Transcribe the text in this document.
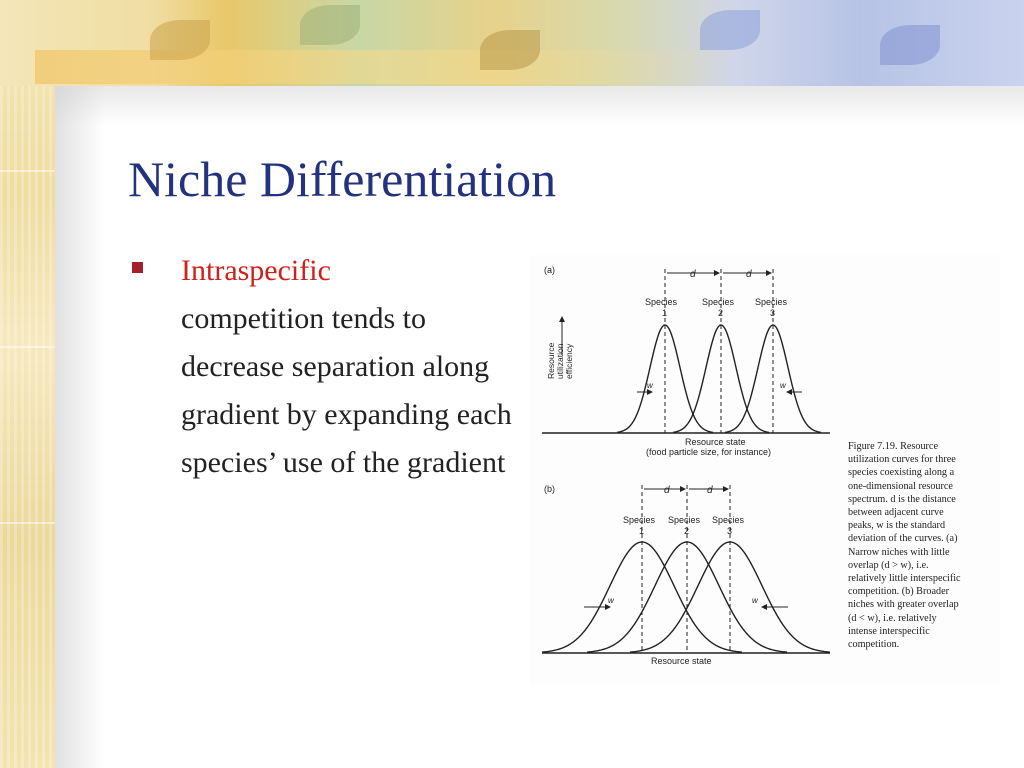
Niche Differentiation
Intraspecific
competition tends to decrease separation along gradient by expanding each species’ use of the gradient
(a)	d	d
Species	Species Species
1	2	3
Resource utilization efficiency
w	w
Resource state
(food particle size, for instance)
(b)	d	d
Species Species Species
1	2	3
w	w
Resource state
Figure 7.19. Resource
utilization curves for three
species coexisting along a
one-dimensional resource
spectrum. d is the distance
between adjacent curve
peaks, w is the standard
deviation of the curves. (a)
Narrow niches with little
overlap (d > w), i.e.
relatively little interspecific
competition. (b) Broader
niches with greater overlap
(d < w), i.e. relatively
intense interspecific
competition.
